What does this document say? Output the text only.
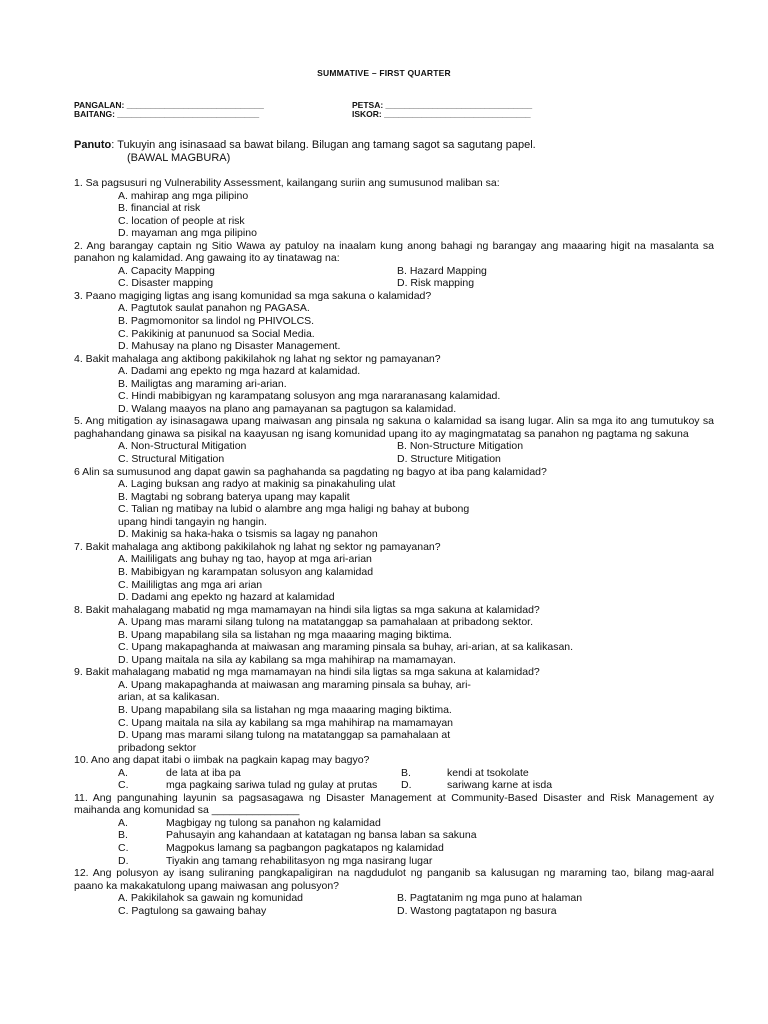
SUMMATIVE – FIRST QUARTER
PANGALAN: _____________________________
BAITANG: ______________________________
PETSA: _______________________________
ISKOR: _______________________________
Panuto: Tukuyin ang isinasaad sa bawat bilang. Bilugan ang tamang sagot sa sagutang papel.
(BAWAL MAGBURA)
1. Sa pagsusuri ng Vulnerability Assessment, kailangang suriin ang sumusunod maliban sa:
A. mahirap ang mga pilipino
B. financial at risk
C. location of people at risk
D. mayaman ang mga pilipino
2. Ang barangay captain ng Sitio Wawa ay patuloy na inaalam kung anong bahagi ng barangay ang maaaring higit na masalanta sa panahon ng kalamidad. Ang gawaing ito ay tinatawag na:
A. Capacity Mapping	B. Hazard Mapping
C. Disaster mapping	D. Risk mapping
3. Paano magiging ligtas ang isang komunidad sa mga sakuna o kalamidad?
A. Pagtutok saulat panahon ng PAGASA.
B. Pagmomonitor sa lindol ng PHIVOLCS.
C. Pakikinig at panunuod sa Social Media.
D. Mahusay na plano ng Disaster Management.
4. Bakit mahalaga ang aktibong pakikilahok ng lahat ng sektor ng pamayanan?
A. Dadami ang epekto ng mga hazard at kalamidad.
B. Mailigtas ang maraming ari-arian.
C. Hindi mabibigyan ng karampatang solusyon ang mga nararanasang kalamidad.
D. Walang maayos na plano ang pamayanan sa pagtugon sa kalamidad.
5. Ang mitigation ay isinasagawa upang maiwasan ang pinsala ng sakuna o kalamidad sa isang lugar. Alin sa mga ito ang tumutukoy sa paghahandang ginawa sa pisikal na kaayusan ng isang komunidad upang ito ay magingmatatag sa panahon ng pagtama ng sakuna
A. Non-Structural Mitigation	B. Non-Structure Mitigation
C. Structural Mitigation	D. Structure Mitigation
6 Alin sa sumusunod ang dapat gawin sa paghahanda sa pagdating ng bagyo at iba pang kalamidad?
A. Laging buksan ang radyo at makinig sa pinakahuling ulat
B. Magtabi ng sobrang baterya upang may kapalit
C. Talian ng matibay na lubid o alambre ang mga haligi ng bahay at bubong
upang hindi tangayin ng hangin.
D. Makinig sa haka-haka o tsismis sa lagay ng panahon
7. Bakit mahalaga ang aktibong pakikilahok ng lahat ng sektor ng pamayanan?
A. Maililigats ang buhay ng tao, hayop at mga ari-arian
B. Mabibigyan ng karampatan solusyon ang kalamidad
C. Maililigtas ang mga ari arian
D. Dadami ang epekto ng hazard at kalamidad
8. Bakit mahalagang mabatid ng mga mamamayan na hindi sila ligtas sa mga sakuna at kalamidad?
A. Upang mas marami silang tulong na matatanggap sa pamahalaan at pribadong sektor.
B. Upang mapabilang sila sa listahan ng mga maaaring maging biktima.
C. Upang makapaghanda at maiwasan ang maraming pinsala sa buhay, ari-arian, at sa kalikasan.
D. Upang maitala na sila ay kabilang sa mga mahihirap na mamamayan.
9. Bakit mahalagang mabatid ng mga mamamayan na hindi sila ligtas sa mga sakuna at kalamidad?
A. Upang makapaghanda at maiwasan ang maraming pinsala sa buhay, ari-
arian, at sa kalikasan.
B. Upang mapabilang sila sa listahan ng mga maaaring maging biktima.
C. Upang maitala na sila ay kabilang sa mga mahihirap na mamamayan
D. Upang mas marami silang tulong na matatanggap sa pamahalaan at
pribadong sektor
10. Ano ang dapat itabi o iimbak na pagkain kapag may bagyo?
A.	de lata at iba pa	B.	kendi at tsokolate
C.	mga pagkaing sariwa tulad ng gulay at prutas	D.	sariwang karne at isda
11. Ang pangunahing layunin sa pagsasagawa ng Disaster Management at Community-Based Disaster and Risk Management ay maihanda ang komunidad sa _______________
A.	Magbigay ng tulong sa panahon ng kalamidad
B.	Pahusayin ang kahandaan at katatagan ng bansa laban sa sakuna
C.	Magpokus lamang sa pagbangon pagkatapos ng kalamidad
D.	Tiyakin ang tamang rehabilitasyon ng mga nasirang lugar
12. Ang polusyon ay isang suliraning pangkapaligiran na nagdudulot ng panganib sa kalusugan ng maraming tao, bilang mag-aaral paano ka makakatulong upang maiwasan ang polusyon?
A. Pakikilahok sa gawain ng komunidad	B. Pagtatanim ng mga puno at halaman
C. Pagtulong sa gawaing bahay	D. Wastong pagtatapon ng basura
